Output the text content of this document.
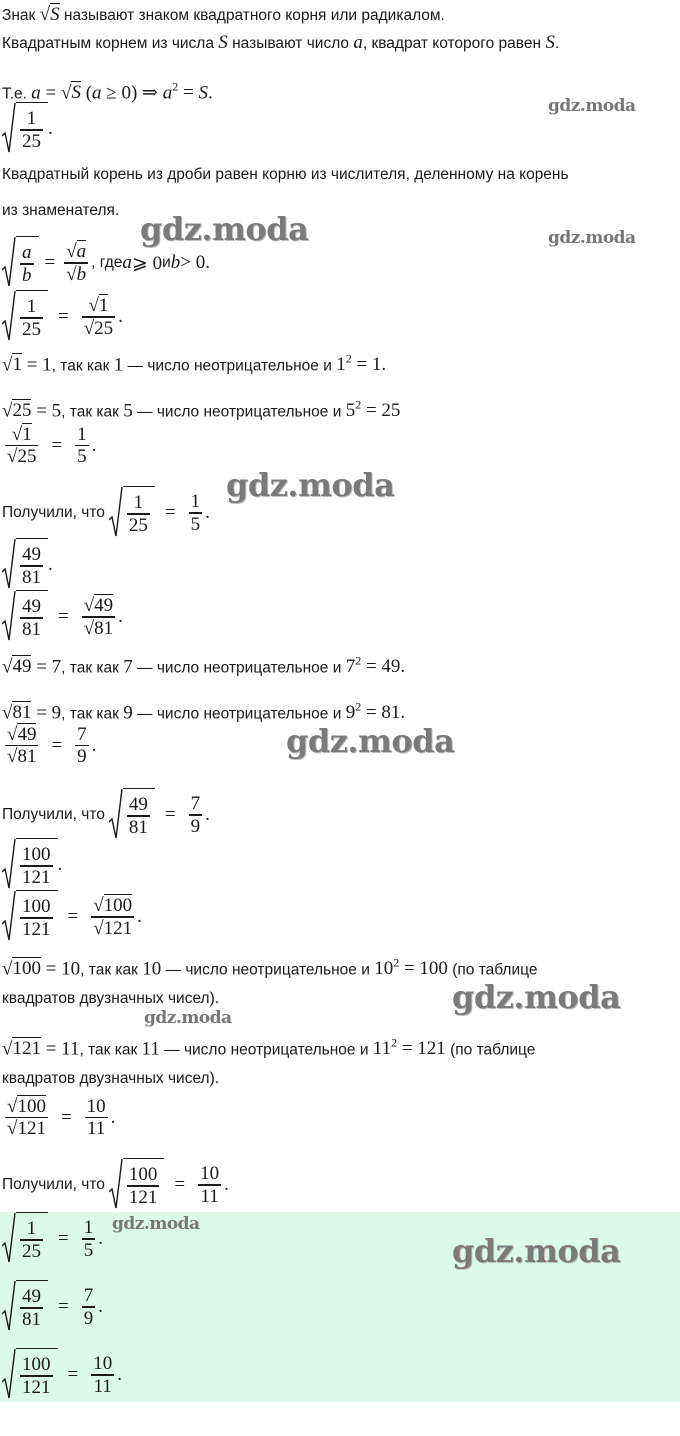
Знак √S называют знаком квадратного корня или радикалом.
Квадратным корнем из числа S называют число a, квадрат которого равен S.
Т.е. a = √S (a ≥ 0) ⇒ $a^2 = S$.
$\frac{1}{25}$ .
Квадратный корень из дроби равен корню из числителя, деленному на корень
из знаменателя.
$\frac{a}{b} = \frac{√a}{√b}$ , где a ⩾ 0 и b > 0.
$\frac{1}{25} = \frac{√1}{√25}$ .
√1 = 1, так как 1 — число неотрицательное и $1^2 = 1$.
√25 = 5, так как 5 — число неотрицательное и $5^2 = 25$
$\frac{√1}{√25} = \frac{1}{5}$ .
Получили, что $\frac{1}{25} = \frac{1}{5}$ .
$\frac{49}{81}$ .
$\frac{49}{81} = \frac{√49}{√81}$ .
√49 = 7, так как 7 — число неотрицательное и $7^2 = 49$.
√81 = 9, так как 9 — число неотрицательное и $9^2 = 81$.
$\frac{√49}{√81} = \frac{7}{9}$ .
Получили, что $\frac{49}{81} = \frac{7}{9}$ .
$\frac{100}{121}$ .
$\frac{100}{121} = \frac{√100}{√121}$ .
√100 = 10, так как 10 — число неотрицательное и $10^2 = 100$ (по таблице
квадратов двузначных чисел).
√121 = 11, так как 11 — число неотрицательное и $11^2 = 121$ (по таблице
квадратов двузначных чисел).
$\frac{√100}{√121} = \frac{10}{11}$ .
Получили, что $\frac{100}{121} = \frac{10}{11}$ .
$\frac{1}{25} = \frac{1}{5}$ .
$\frac{49}{81} = \frac{7}{9}$ .
$\frac{100}{121} = \frac{10}{11}$ .
gdz.moda
gdz.moda	gdz.moda
gdz.moda
gdz.moda
gdz.moda
gdz.moda
gdz.moda
gdz.moda
